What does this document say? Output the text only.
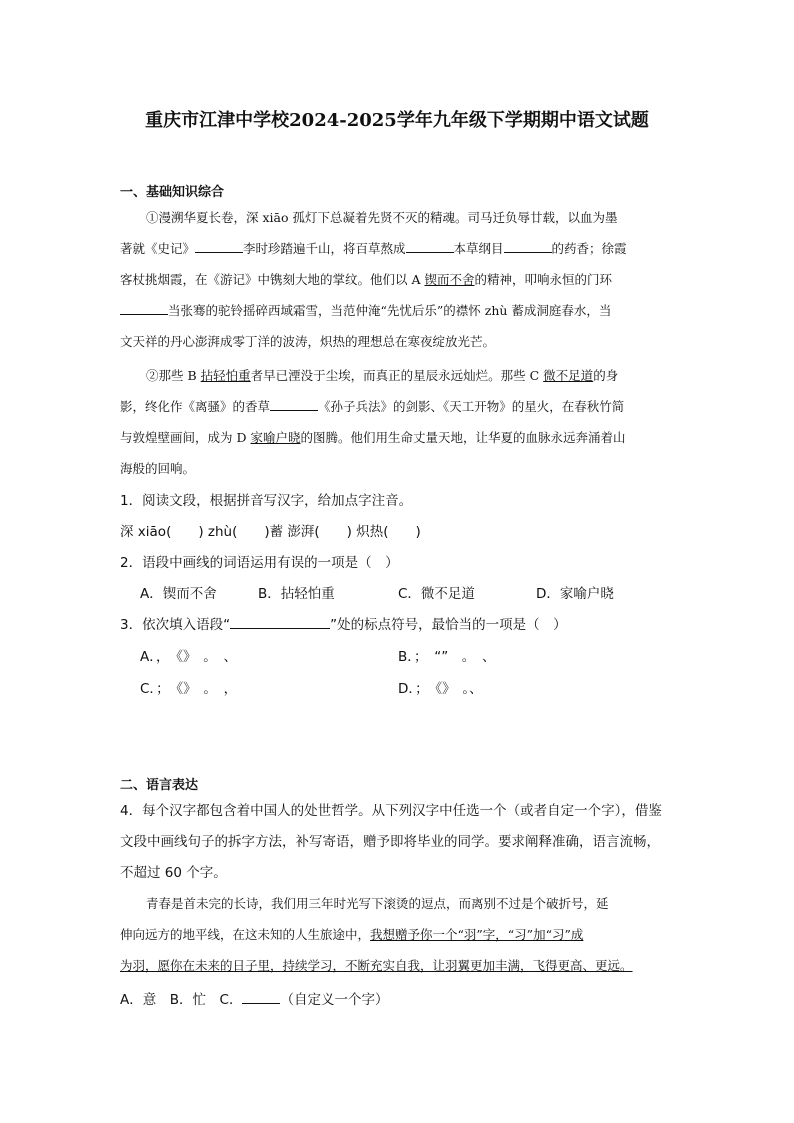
重庆市江津中学校2024-2025学年九年级下学期期中语文试题
一、基础知识综合
①漫溯华夏长卷，深 xiāo 孤灯下总凝着先贤不灭的精魂。司马迁负辱廿载，以血为墨
著就《史记》	李时珍踏遍千山，将百草熬成	本草纲目	的药香；徐霞
客杖挑烟霞，在《游记》中镌刻大地的掌纹。他们以 A 锲而不舍的精神，叩响永恒的门环
当张骞的驼铃摇碎西域霜雪，当范仲淹“先忧后乐”的襟怀 zhù 蓄成洞庭春水，当
文天祥的丹心澎湃成零丁洋的波涛，炽热的理想总在寒夜绽放光芒。
②那些 B 拈轻怕重者早已湮没于尘埃，而真正的星辰永远灿烂。那些 C 微不足道的身
影，终化作《离骚》的香草	《孙子兵法》的剑影、《天工开物》的星火，在春秋竹简
与敦煌壁画间，成为 D 家喻户晓的图腾。他们用生命丈量天地，让华夏的血脉永远奔涌着山
海般的回响。
1．阅读文段，根据拼音写汉字，给加点字注音。
深 xiāo(　　) zhù(　　)蓄 澎湃(　　) 炽热(　　)
2．语段中画线的词语运用有误的一项是（　）
A．锲而不舍	B．拈轻怕重	C．微不足道	D．家喻户晓
3．依次填入语段“	”处的标点符号，最恰当的一项是（　）
A．，　《》　。　、	B．；　“”　。　、
C．；　《》　。　，	D．；　《》　。、
二、语言表达
4．每个汉字都包含着中国人的处世哲学。从下列汉字中任选一个（或者自定一个字），借鉴
文段中画线句子的拆字方法，补写寄语，赠予即将毕业的同学。要求阐释准确，语言流畅，
不超过 60 个字。
青春是首未完的长诗，我们用三年时光写下滚烫的逗点，而离别不过是个破折号，延
伸向远方的地平线，在这未知的人生旅途中，我想赠予你一个“羽”字，“习”加“习”成
为羽，愿你在未来的日子里，持续学习，不断充实自我，让羽翼更加丰满，飞得更高、更远。
A．意　 B．忙　 C．	（自定义一个字）
